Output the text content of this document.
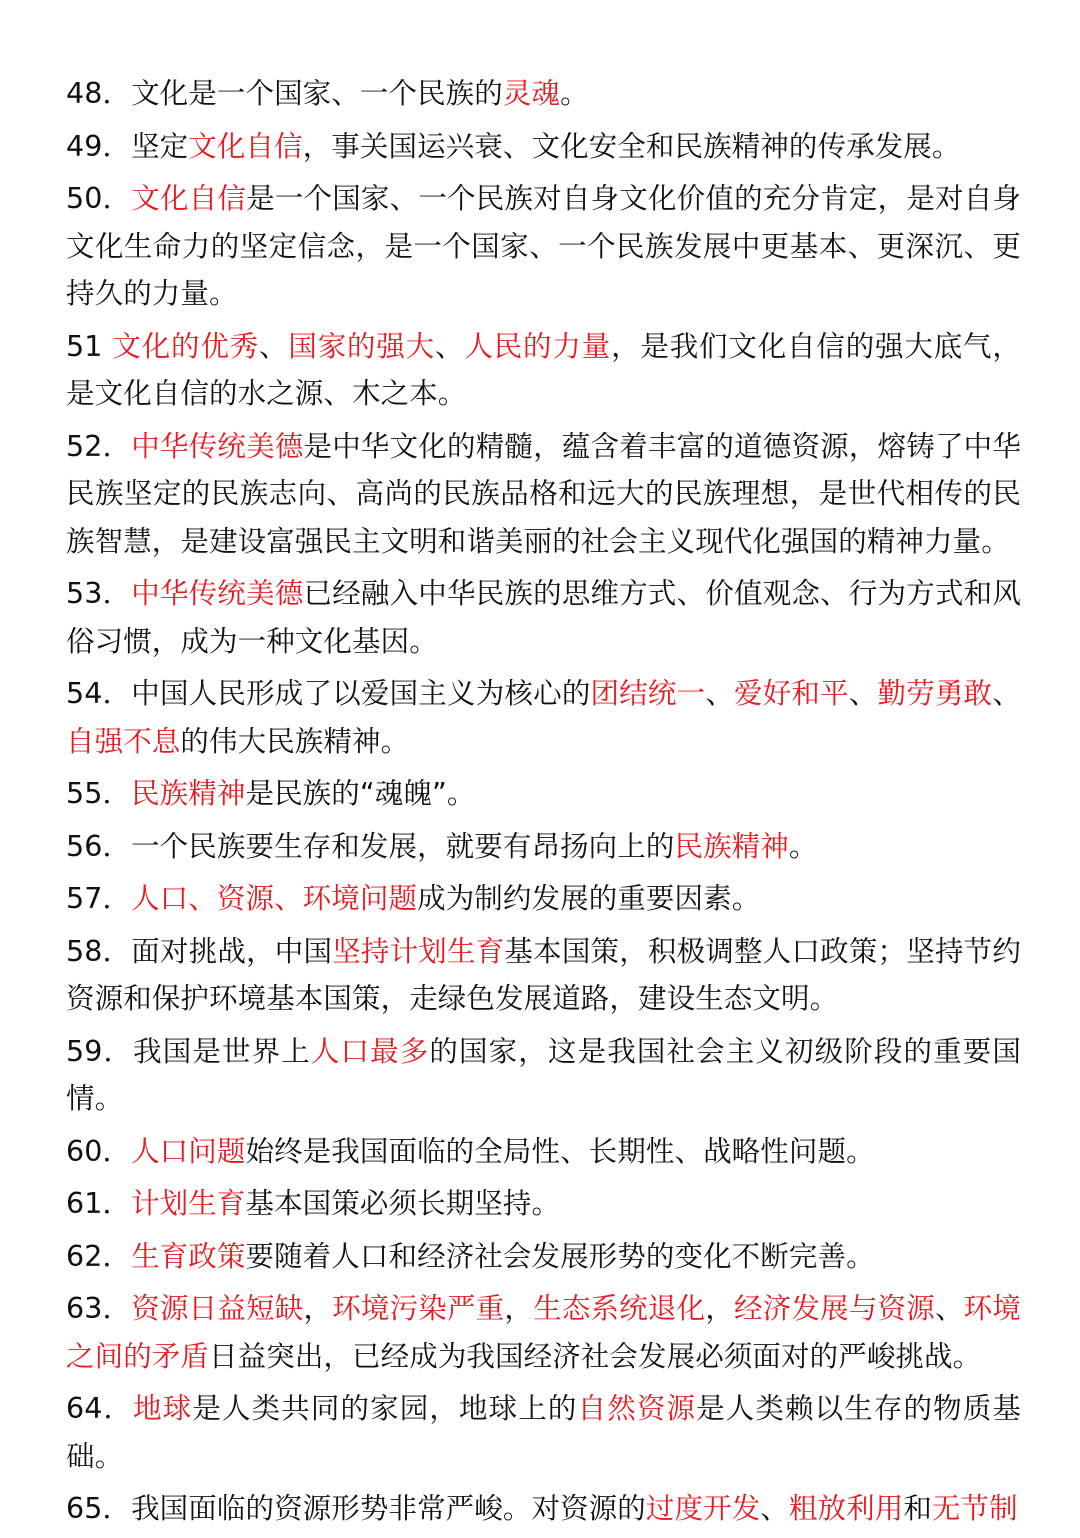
48．文化是一个国家、一个民族的灵魂。

49．坚定文化自信，事关国运兴衰、文化安全和民族精神的传承发展。

50．文化自信是一个国家、一个民族对自身文化价值的充分肯定，是对自身文化生命力的坚定信念，是一个国家、一个民族发展中更基本、更深沉、更持久的力量。

51 文化的优秀、国家的强大、人民的力量，是我们文化自信的强大底气，是文化自信的水之源、木之本。

52．中华传统美德是中华文化的精髓，蕴含着丰富的道德资源，熔铸了中华民族坚定的民族志向、高尚的民族品格和远大的民族理想，是世代相传的民族智慧，是建设富强民主文明和谐美丽的社会主义现代化强国的精神力量。

53．中华传统美德已经融入中华民族的思维方式、价值观念、行为方式和风俗习惯，成为一种文化基因。

54．中国人民形成了以爱国主义为核心的团结统一、爱好和平、勤劳勇敢、自强不息的伟大民族精神。

55．民族精神是民族的“魂魄”。

56．一个民族要生存和发展，就要有昂扬向上的民族精神。

57．人口、资源、环境问题成为制约发展的重要因素。

58．面对挑战，中国坚持计划生育基本国策，积极调整人口政策；坚持节约资源和保护环境基本国策，走绿色发展道路，建设生态文明。

59．我国是世界上人口最多的国家，这是我国社会主义初级阶段的重要国情。

60．人口问题始终是我国面临的全局性、长期性、战略性问题。

61．计划生育基本国策必须长期坚持。

62．生育政策要随着人口和经济社会发展形势的变化不断完善。

63．资源日益短缺，环境污染严重，生态系统退化，经济发展与资源、环境之间的矛盾日益突出，已经成为我国经济社会发展必须面对的严峻挑战。

64．地球是人类共同的家园，地球上的自然资源是人类赖以生存的物质基础。

65．我国面临的资源形势非常严峻。对资源的过度开发、粗放利用和无节制
